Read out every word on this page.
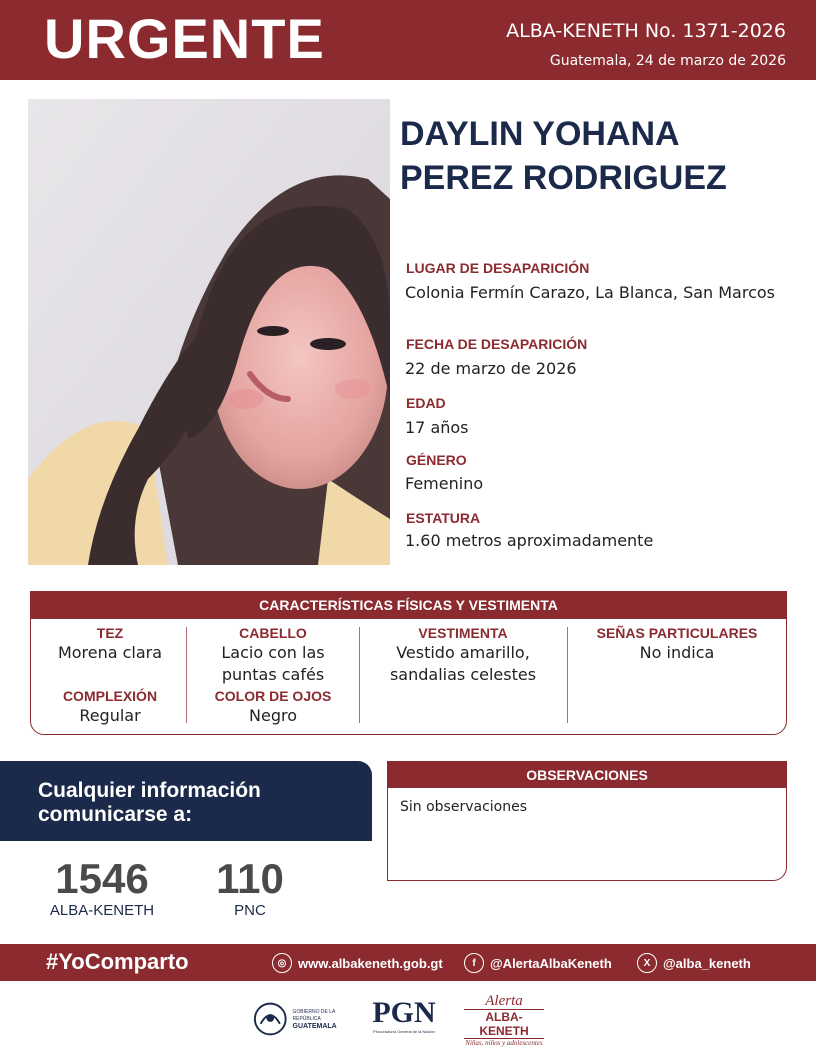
URGENTE	ALBA-KENETH No. 1371-2026
Guatemala, 24 de marzo de 2026
DAYLIN YOHANA
PEREZ RODRIGUEZ
LUGAR DE DESAPARICIÓN
Colonia Fermín Carazo, La Blanca, San Marcos
FECHA DE DESAPARICIÓN
22 de marzo de 2026
EDAD
17 años
GÉNERO
Femenino
ESTATURA
1.60 metros aproximadamente
CARACTERÍSTICAS FÍSICAS Y VESTIMENTA
TEZ
Morena clara
COMPLEXIÓN
Regular
CABELLO
Lacio con las
puntas cafés
COLOR DE OJOS
Negro
VESTIMENTA
Vestido amarillo,
sandalias celestes
SEÑAS PARTICULARES
No indica
Cualquier información
comunicarse a:
1546
ALBA-KENETH
110
PNC
OBSERVACIONES
Sin observaciones
#YoComparto	◎ www.albakeneth.gob.gt	f	@AlertaAlbaKeneth	X @alba_keneth
GOBIERNO DE LA REPÚBLICA
GUATEMALA	PGN
Procuraduría General de la Nación
Alerta
ALBA-KENETH
Niñas, niños y adolescentes
